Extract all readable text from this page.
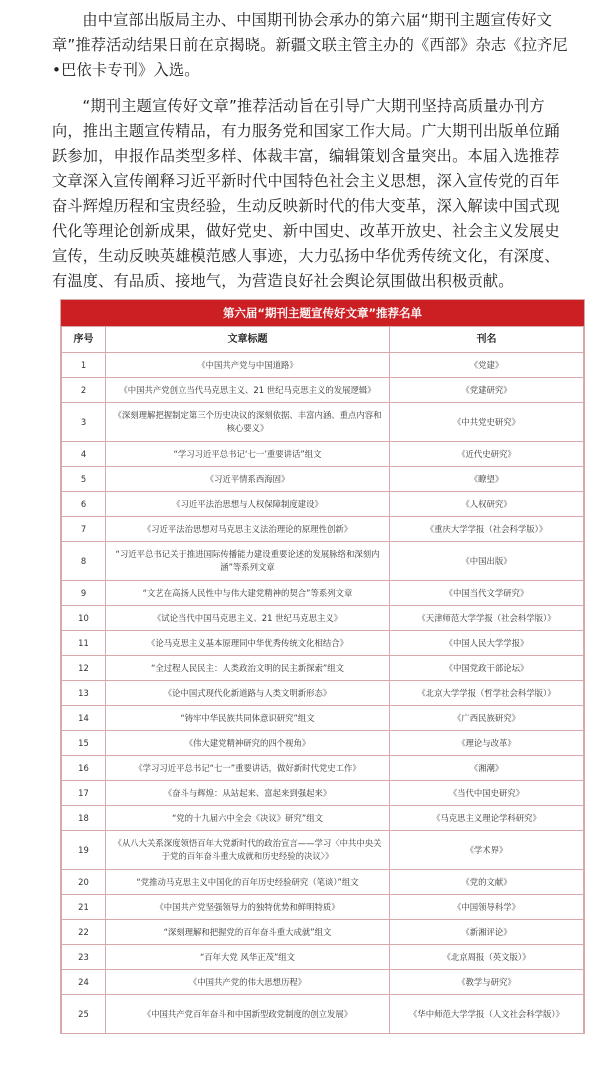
由中宣部出版局主办、中国期刊协会承办的第六届“期刊主题宣传好文章”推荐活动结果日前在京揭晓。新疆文联主管主办的《西部》杂志《拉齐尼•巴依卡专刊》入选。

“期刊主题宣传好文章”推荐活动旨在引导广大期刊坚持高质量办刊方向，推出主题宣传精品，有力服务党和国家工作大局。广大期刊出版单位踊跃参加，申报作品类型多样、体裁丰富，编辑策划含量突出。本届入选推荐文章深入宣传阐释习近平新时代中国特色社会主义思想，深入宣传党的百年奋斗辉煌历程和宝贵经验，生动反映新时代的伟大变革，深入解读中国式现代化等理论创新成果，做好党史、新中国史、改革开放史、社会主义发展史宣传，生动反映英雄模范感人事迹，大力弘扬中华优秀传统文化，有深度、有温度、有品质、接地气，为营造良好社会舆论氛围做出积极贡献。

第六届“期刊主题宣传好文章”推荐名单
序号	文章标题	刊名
1	《中国共产党与中国道路》	《党建》
2	《中国共产党创立当代马克思主义、21 世纪马克思主义的发展逻辑》	《党建研究》
3	《深刻理解把握制定第三个历史决议的深刻依据、丰富内涵、重点内容和核心要义》	《中共党史研究》
4	“学习习近平总书记‘七一’重要讲话”组文	《近代史研究》
5	《习近平情系西海固》	《瞭望》
6	《习近平法治思想与人权保障制度建设》	《人权研究》
7	《习近平法治思想对马克思主义法治理论的原理性创新》	《重庆大学学报（社会科学版）》
8	“习近平总书记关于推进国际传播能力建设重要论述的发展脉络和深刻内涵”等系列文章	《中国出版》
9	“文艺在高扬人民性中与伟大建党精神的契合”等系列文章	《中国当代文学研究》
10	《试论当代中国马克思主义、21 世纪马克思主义》	《天津师范大学学报（社会科学版）》
11	《论马克思主义基本原理同中华优秀传统文化相结合》	《中国人民大学学报》
12	“全过程人民民主：人类政治文明的民主新探索”组文	《中国党政干部论坛》
13	《论中国式现代化新道路与人类文明新形态》	《北京大学学报（哲学社会科学版）》
14	“铸牢中华民族共同体意识研究”组文	《广西民族研究》
15	《伟大建党精神研究的四个视角》	《理论与改革》
16	《学习习近平总书记“七一”重要讲话，做好新时代党史工作》	《湘潮》
17	《奋斗与辉煌：从站起来、富起来到强起来》	《当代中国史研究》
18	“党的十九届六中全会《决议》研究”组文	《马克思主义理论学科研究》
19	《从八大关系深度领悟百年大党新时代的政治宣言——学习〈中共中央关于党的百年奋斗重大成就和历史经验的决议〉》	《学术界》
20	“党推动马克思主义中国化的百年历史经验研究（笔谈）”组文	《党的文献》
21	《中国共产党坚强领导力的独特优势和鲜明特质》	《中国领导科学》
22	“深刻理解和把握党的百年奋斗重大成就”组文	《新湘评论》
23	“百年大党 风华正茂”组文	《北京周报（英文版）》
24	《中国共产党的伟大思想历程》	《教学与研究》
25	《中国共产党百年奋斗和中国新型政党制度的创立发展》	《华中师范大学学报（人文社会科学版）》
